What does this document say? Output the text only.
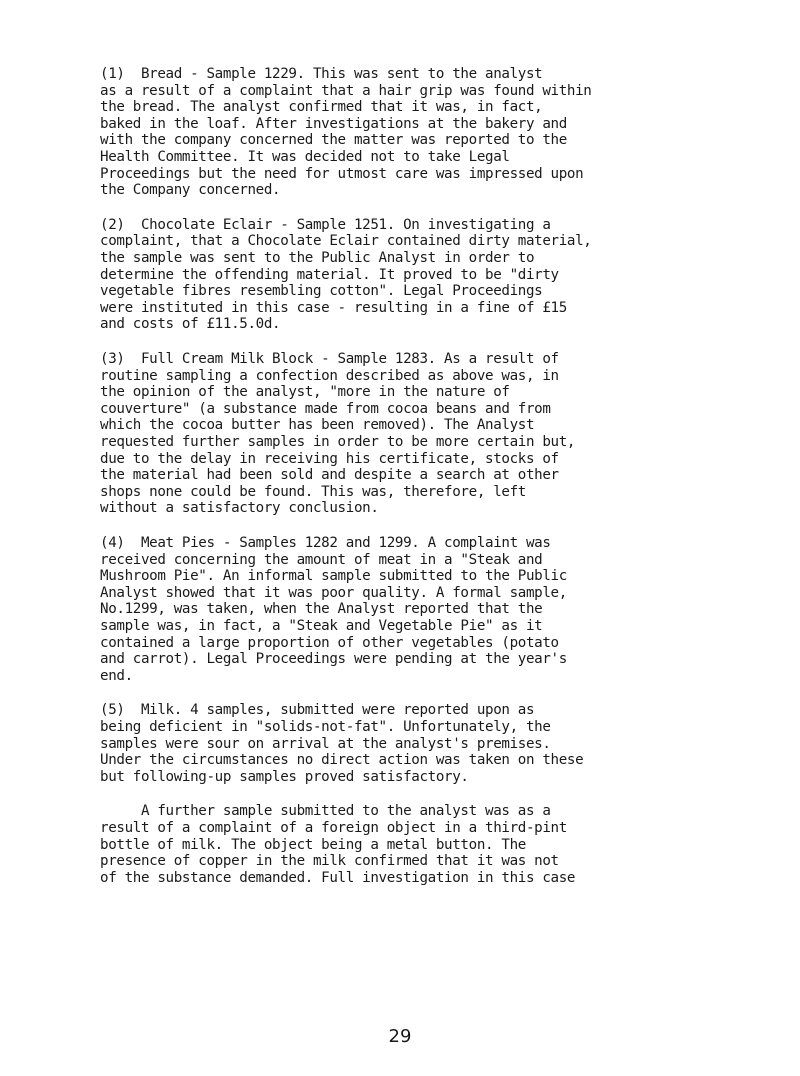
(1)  Bread - Sample 1229. This was sent to the analyst
as a result of a complaint that a hair grip was found within
the bread. The analyst confirmed that it was, in fact,
baked in the loaf. After investigations at the bakery and
with the company concerned the matter was reported to the
Health Committee. It was decided not to take Legal
Proceedings but the need for utmost care was impressed upon
the Company concerned.
(2)  Chocolate Eclair - Sample 1251. On investigating a
complaint, that a Chocolate Eclair contained dirty material,
the sample was sent to the Public Analyst in order to
determine the offending material. It proved to be "dirty
vegetable fibres resembling cotton". Legal Proceedings
were instituted in this case - resulting in a fine of £15
and costs of £11.5.0d.
(3)  Full Cream Milk Block - Sample 1283. As a result of
routine sampling a confection described as above was, in
the opinion of the analyst, "more in the nature of
couverture" (a substance made from cocoa beans and from
which the cocoa butter has been removed). The Analyst
requested further samples in order to be more certain but,
due to the delay in receiving his certificate, stocks of
the material had been sold and despite a search at other
shops none could be found. This was, therefore, left
without a satisfactory conclusion.
(4)  Meat Pies - Samples 1282 and 1299. A complaint was
received concerning the amount of meat in a "Steak and
Mushroom Pie". An informal sample submitted to the Public
Analyst showed that it was poor quality. A formal sample,
No.1299, was taken, when the Analyst reported that the
sample was, in fact, a "Steak and Vegetable Pie" as it
contained a large proportion of other vegetables (potato
and carrot). Legal Proceedings were pending at the year's
end.
(5)  Milk. 4 samples, submitted were reported upon as
being deficient in "solids-not-fat". Unfortunately, the
samples were sour on arrival at the analyst's premises.
Under the circumstances no direct action was taken on these
but following-up samples proved satisfactory.
29
A further sample submitted to the analyst was as a
result of a complaint of a foreign object in a third-pint
bottle of milk. The object being a metal button. The
presence of copper in the milk confirmed that it was not
of the substance demanded. Full investigation in this case
